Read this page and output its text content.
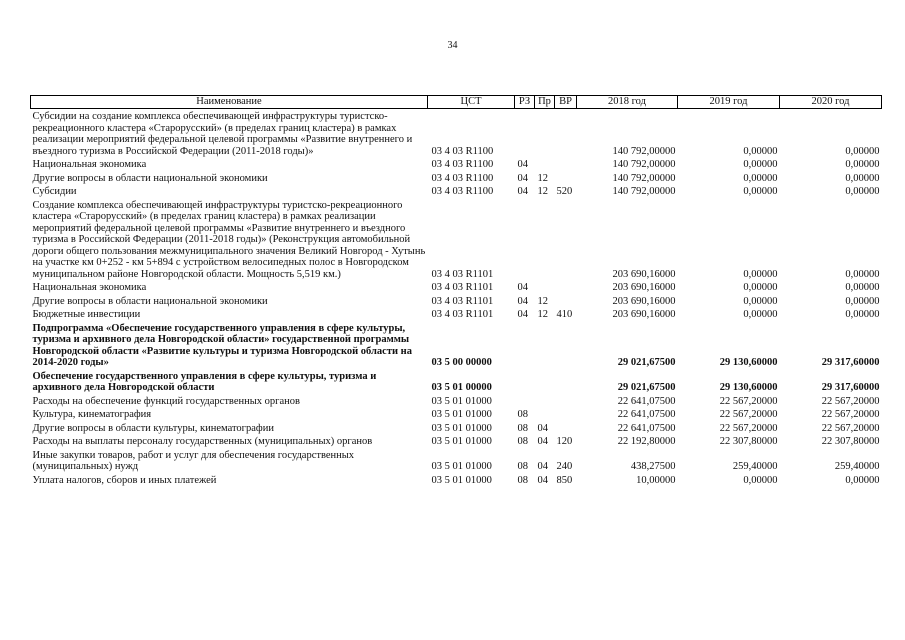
34
Наименование	ЦСТ	РЗ	Пр	ВР	2018 год	2019 год	2020 год
Субсидии на создание комплекса обеспечивающей инфраструктуры туристско-рекреационного кластера «Старорусский» (в пределах границ кластера) в рамках реализации мероприятий федеральной целевой программы «Развитие внутреннего и въездного туризма в Российской Федерации (2011-2018 годы)»	03 4 03 R1100				140 792,00000	0,00000	0,00000
Национальная экономика	03 4 03 R1100	04			140 792,00000	0,00000	0,00000
Другие вопросы в области национальной экономики	03 4 03 R1100	04	12		140 792,00000	0,00000	0,00000
Субсидии	03 4 03 R1100	04	12	520	140 792,00000	0,00000	0,00000
Создание комплекса обеспечивающей инфраструктуры туристско-рекреационного кластера «Старорусский» (в пределах границ кластера) в рамках реализации мероприятий федеральной целевой программы «Развитие внутреннего и въездного туризма в Российской Федерации (2011-2018 годы)» (Реконструкция автомобильной дороги общего пользования межмуниципального значения Великий Новгород - Хутынь на участке км 0+252 - км 5+894 с устройством велосипедных полос в Новгородском муниципальном районе Новгородской области. Мощность 5,519 км.)	03 4 03 R1101				203 690,16000	0,00000	0,00000
Национальная экономика	03 4 03 R1101	04			203 690,16000	0,00000	0,00000
Другие вопросы в области национальной экономики	03 4 03 R1101	04	12		203 690,16000	0,00000	0,00000
Бюджетные инвестиции	03 4 03 R1101	04	12	410	203 690,16000	0,00000	0,00000
Подпрограмма «Обеспечение государственного управления в сфере культуры, туризма и архивного дела Новгородской области» государственной программы Новгородской области «Развитие культуры и туризма Новгородской области на 2014-2020 годы»	03 5 00 00000				29 021,67500	29 130,60000	29 317,60000
Обеспечение государственного управления в сфере культуры, туризма и архивного дела Новгородской области	03 5 01 00000				29 021,67500	29 130,60000	29 317,60000
Расходы на обеспечение функций государственных органов	03 5 01 01000				22 641,07500	22 567,20000	22 567,20000
Культура, кинематография	03 5 01 01000	08			22 641,07500	22 567,20000	22 567,20000
Другие вопросы в области культуры, кинематографии	03 5 01 01000	08	04		22 641,07500	22 567,20000	22 567,20000
Расходы на выплаты персоналу государственных (муниципальных) органов	03 5 01 01000	08	04	120	22 192,80000	22 307,80000	22 307,80000
Иные закупки товаров, работ и услуг для обеспечения государственных (муниципальных) нужд	03 5 01 01000	08	04	240	438,27500	259,40000	259,40000
Уплата налогов, сборов и иных платежей	03 5 01 01000	08	04	850	10,00000	0,00000	0,00000
